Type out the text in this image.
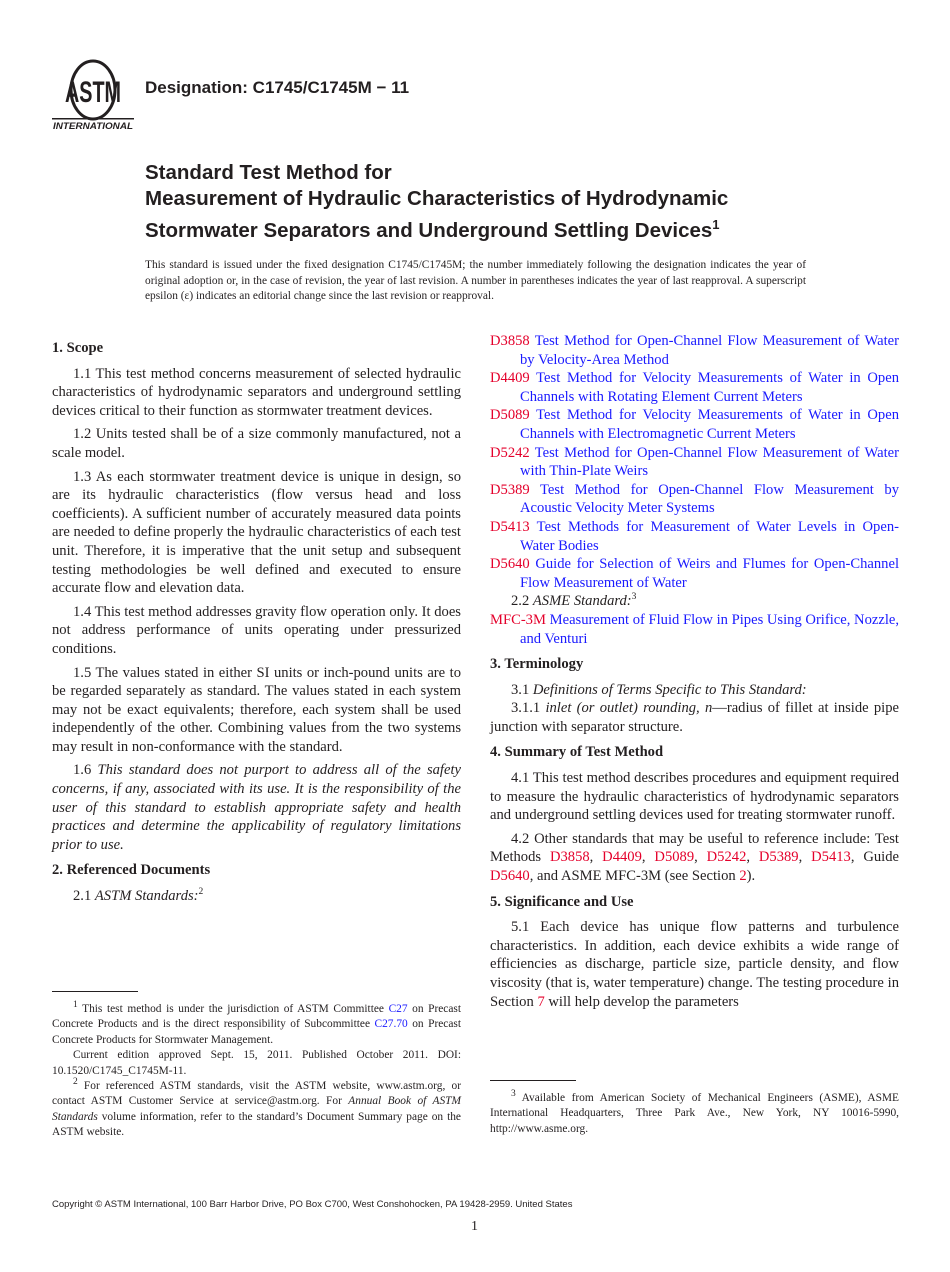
ASTM
INTERNATIONAL
Designation: C1745/C1745M − 11
Standard Test Method for
Measurement of Hydraulic Characteristics of Hydrodynamic
Stormwater Separators and Underground Settling Devices$^1$
This standard is issued under the fixed designation C1745/C1745M; the number immediately following the designation indicates the year of original adoption or, in the case of revision, the year of last revision. A number in parentheses indicates the year of last reapproval. A superscript epsilon (ε) indicates an editorial change since the last revision or reapproval.
1. Scope
1.1 This test method concerns measurement of selected hydraulic characteristics of hydrodynamic separators and underground settling devices critical to their function as stormwater treatment devices.
1.2 Units tested shall be of a size commonly manufactured, not a scale model.
1.3 As each stormwater treatment device is unique in design, so are its hydraulic characteristics (flow versus head and loss coefficients). A sufficient number of accurately measured data points are needed to define properly the hydraulic characteristics of each test unit. Therefore, it is imperative that the unit setup and subsequent testing methodologies be well defined and executed to ensure accurate flow and elevation data.
1.4 This test method addresses gravity flow operation only. It does not address performance of units operating under pressurized conditions.
1.5 The values stated in either SI units or inch-pound units are to be regarded separately as standard. The values stated in each system may not be exact equivalents; therefore, each system shall be used independently of the other. Combining values from the two systems may result in non-conformance with the standard.
1.6 This standard does not purport to address all of the safety concerns, if any, associated with its use. It is the responsibility of the user of this standard to establish appropriate safety and health practices and determine the applicability of regulatory limitations prior to use.
2. Referenced Documents
2.1 ASTM Standards:$^2$
D3858 Test Method for Open-Channel Flow Measurement of Water by Velocity-Area Method
D4409 Test Method for Velocity Measurements of Water in Open Channels with Rotating Element Current Meters
D5089 Test Method for Velocity Measurements of Water in Open Channels with Electromagnetic Current Meters
D5242 Test Method for Open-Channel Flow Measurement of Water with Thin-Plate Weirs
D5389 Test Method for Open-Channel Flow Measurement by Acoustic Velocity Meter Systems
D5413 Test Methods for Measurement of Water Levels in Open-Water Bodies
D5640 Guide for Selection of Weirs and Flumes for Open-Channel Flow Measurement of Water
2.2 ASME Standard:$^3$
MFC-3M Measurement of Fluid Flow in Pipes Using Orifice, Nozzle, and Venturi
3. Terminology
3.1 Definitions of Terms Specific to This Standard:
3.1.1 inlet (or outlet) rounding, n—radius of fillet at inside pipe junction with separator structure.
4. Summary of Test Method
4.1 This test method describes procedures and equipment required to measure the hydraulic characteristics of hydrodynamic separators and underground settling devices used for treating stormwater runoff.
4.2 Other standards that may be useful to reference include: Test Methods D3858, D4409, D5089, D5242, D5389, D5413, Guide D5640, and ASME MFC-3M (see Section 2).
5. Significance and Use
5.1 Each device has unique flow patterns and turbulence characteristics. In addition, each device exhibits a wide range of efficiencies as discharge, particle size, particle density, and flow viscosity (that is, water temperature) change. The testing procedure in Section 7 will help develop the parameters
$^1$ This test method is under the jurisdiction of ASTM Committee C27 on Precast Concrete Products and is the direct responsibility of Subcommittee C27.70 on Precast Concrete Products for Stormwater Management.
Current edition approved Sept. 15, 2011. Published October 2011. DOI: 10.1520/C1745_C1745M-11.
$^2$ For referenced ASTM standards, visit the ASTM website, www.astm.org, or contact ASTM Customer Service at service@astm.org. For Annual Book of ASTM Standards volume information, refer to the standard’s Document Summary page on the ASTM website.
$^3$ Available from American Society of Mechanical Engineers (ASME), ASME International Headquarters, Three Park Ave., New York, NY 10016-5990, http://www.asme.org.
Copyright © ASTM International, 100 Barr Harbor Drive, PO Box C700, West Conshohocken, PA 19428-2959. United States
1
